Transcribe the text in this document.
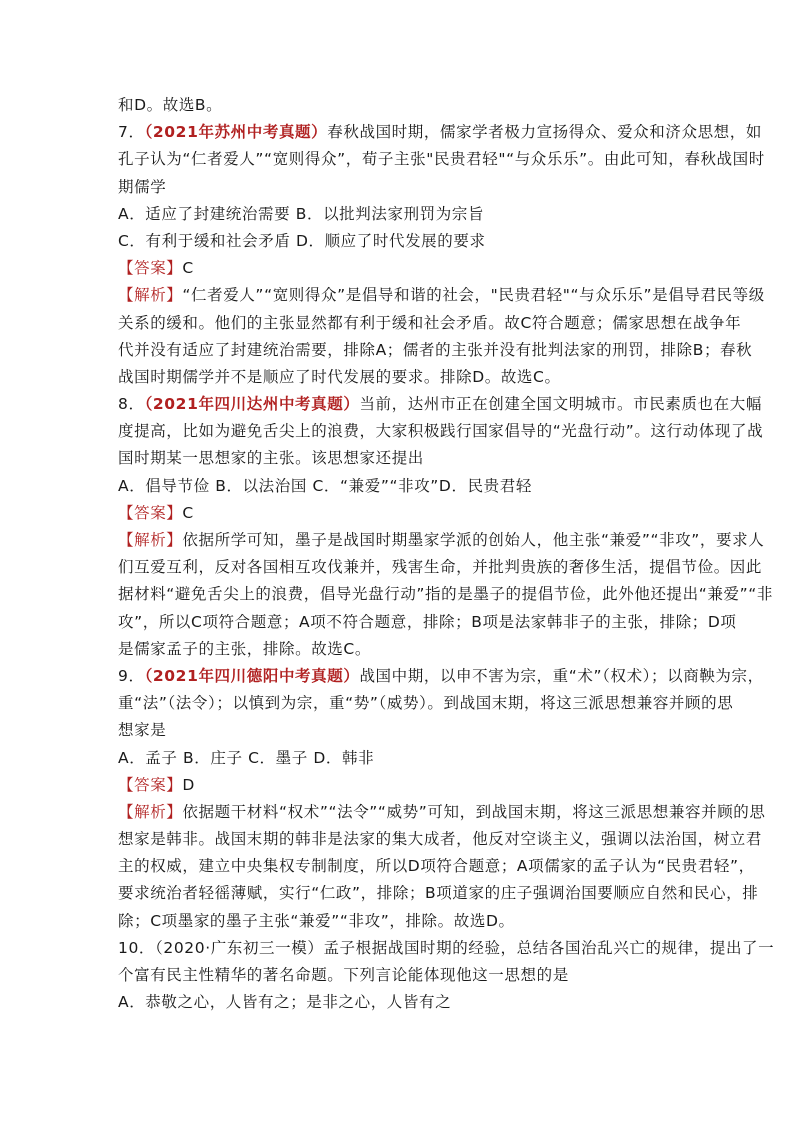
和D。故选B。
7．（2021年苏州中考真题）春秋战国时期，儒家学者极力宣扬得众、爱众和济众思想，如
孔子认为“仁者爱人”“宽则得众”，荀子主张"民贵君轻"“与众乐乐”。由此可知，春秋战国时
期儒学
A．适应了封建统治需要 B．以批判法家刑罚为宗旨
C．有利于缓和社会矛盾 D．顺应了时代发展的要求
【答案】C
【解析】“仁者爱人”“宽则得众”是倡导和谐的社会，"民贵君轻"“与众乐乐”是倡导君民等级
关系的缓和。他们的主张显然都有利于缓和社会矛盾。故C符合题意；儒家思想在战争年
代并没有适应了封建统治需要，排除A；儒者的主张并没有批判法家的刑罚，排除B；春秋
战国时期儒学并不是顺应了时代发展的要求。排除D。故选C。
8．（2021年四川达州中考真题）当前，达州市正在创建全国文明城市。市民素质也在大幅
度提高，比如为避免舌尖上的浪费，大家积极践行国家倡导的“光盘行动”。这行动体现了战
国时期某一思想家的主张。该思想家还提出
A．倡导节俭 B．以法治国 C．“兼爱”“非攻”D．民贵君轻
【答案】C
【解析】依据所学可知，墨子是战国时期墨家学派的创始人，他主张“兼爱”“非攻”，要求人
们互爱互利，反对各国相互攻伐兼并，残害生命，并批判贵族的奢侈生活，提倡节俭。因此
据材料“避免舌尖上的浪费，倡导光盘行动”指的是墨子的提倡节俭，此外他还提出“兼爱”“非
攻”，所以C项符合题意；A项不符合题意，排除；B项是法家韩非子的主张，排除；D项
是儒家孟子的主张，排除。故选C。
9．（2021年四川德阳中考真题）战国中期，以申不害为宗，重“术”（权术）；以商鞅为宗，
重“法”（法令）；以慎到为宗，重“势”（威势）。到战国末期，将这三派思想兼容并顾的思
想家是
A．孟子 B．庄子 C．墨子 D．韩非
【答案】D
【解析】依据题干材料“权术”“法令”“威势”可知，到战国末期，将这三派思想兼容并顾的思
想家是韩非。战国末期的韩非是法家的集大成者，他反对空谈主义，强调以法治国，树立君
主的权威，建立中央集权专制制度，所以D项符合题意；A项儒家的孟子认为“民贵君轻”，
要求统治者轻徭薄赋，实行“仁政”，排除；B项道家的庄子强调治国要顺应自然和民心，排
除；C项墨家的墨子主张“兼爱”“非攻”，排除。故选D。
10．（2020·广东初三一模）孟子根据战国时期的经验，总结各国治乱兴亡的规律，提出了一
个富有民主性精华的著名命题。下列言论能体现他这一思想的是
A．恭敬之心，人皆有之；是非之心，人皆有之
